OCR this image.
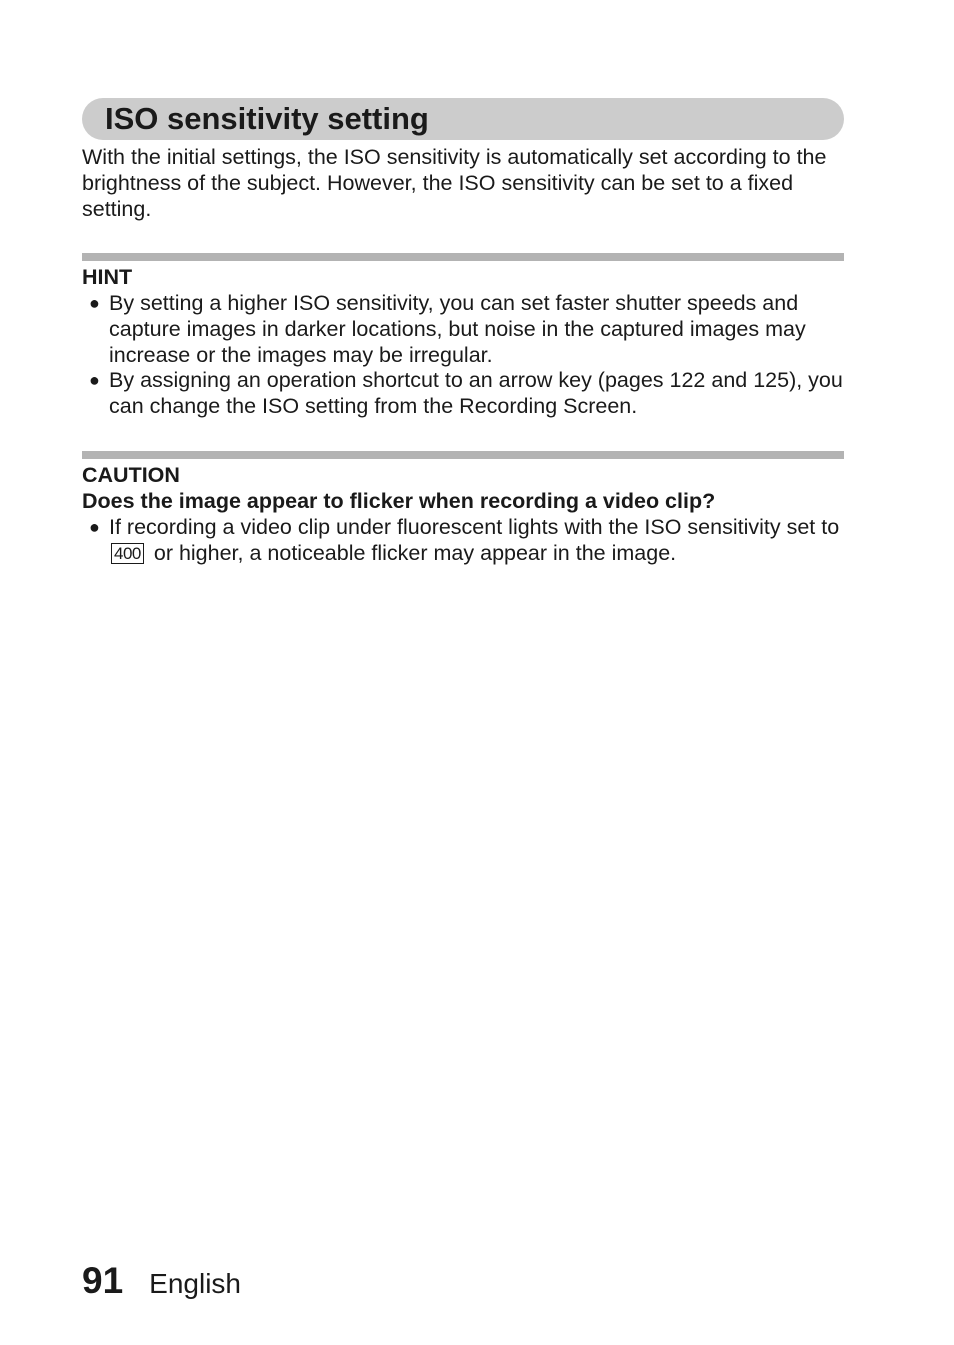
ISO sensitivity setting

With the initial settings, the ISO sensitivity is automatically set according to the brightness of the subject. However, the ISO sensitivity can be set to a fixed setting.

HINT
● By setting a higher ISO sensitivity, you can set faster shutter speeds and capture images in darker locations, but noise in the captured images may increase or the images may be irregular.
● By assigning an operation shortcut to an arrow key (pages 122 and 125), you can change the ISO setting from the Recording Screen.
CAUTION
Does the image appear to flicker when recording a video clip?
● If recording a video clip under fluorescent lights with the ISO sensitivity set to 400 or higher, a noticeable flicker may appear in the image.
91 English
